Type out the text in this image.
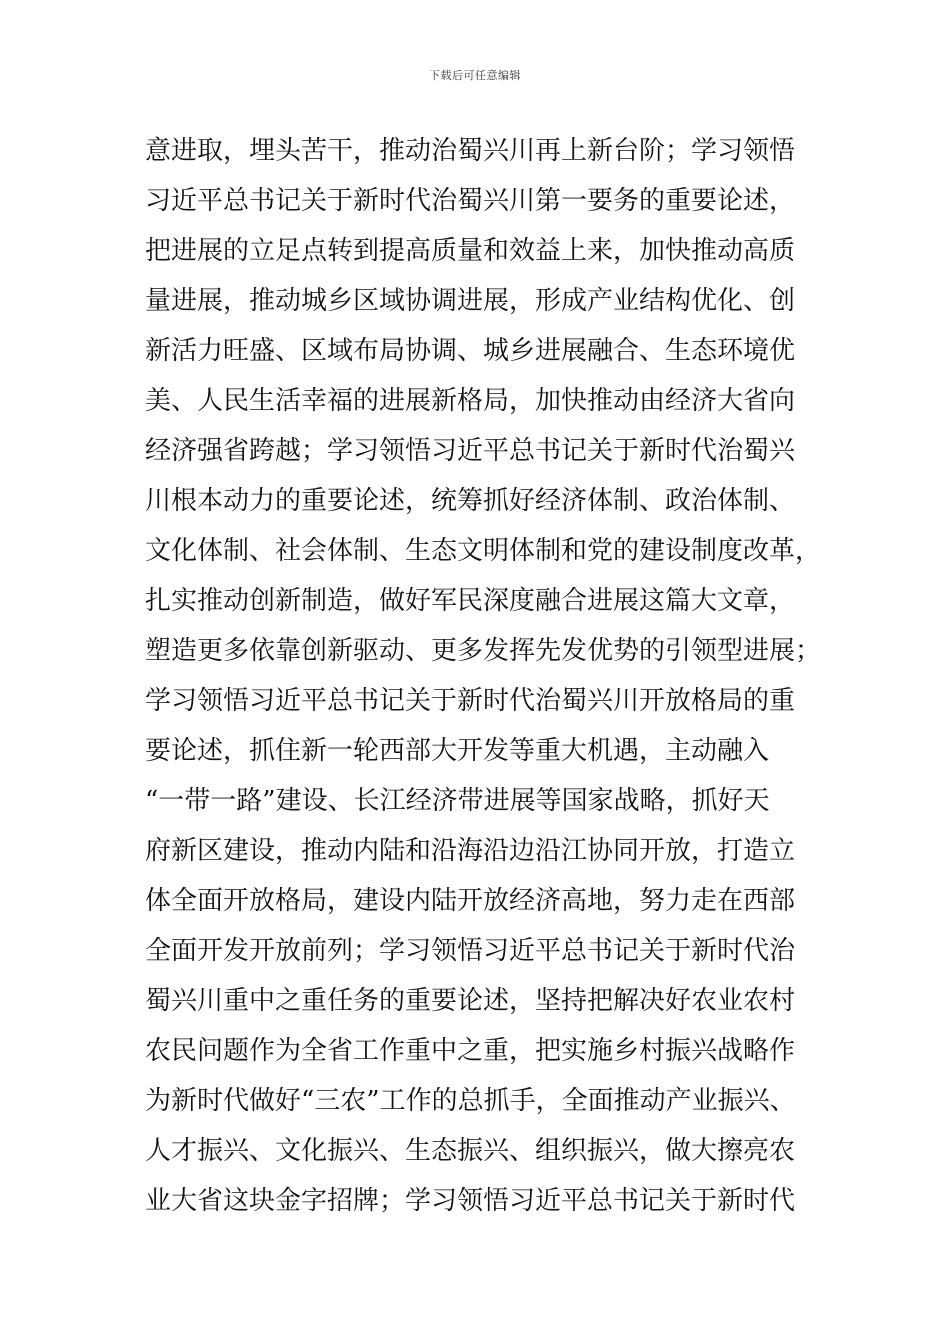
下载后可任意编辑
意进取，埋头苦干，推动治蜀兴川再上新台阶；学习领悟
习近平总书记关于新时代治蜀兴川第一要务的重要论述，
把进展的立足点转到提高质量和效益上来，加快推动高质
量进展，推动城乡区域协调进展，形成产业结构优化、创
新活力旺盛、区域布局协调、城乡进展融合、生态环境优
美、人民生活幸福的进展新格局，加快推动由经济大省向
经济强省跨越；学习领悟习近平总书记关于新时代治蜀兴
川根本动力的重要论述，统筹抓好经济体制、政治体制、
文化体制、社会体制、生态文明体制和党的建设制度改革，
扎实推动创新制造，做好军民深度融合进展这篇大文章，
塑造更多依靠创新驱动、更多发挥先发优势的引领型进展；
学习领悟习近平总书记关于新时代治蜀兴川开放格局的重
要论述，抓住新一轮西部大开发等重大机遇，主动融入
“一带一路”建设、长江经济带进展等国家战略，抓好天
府新区建设，推动内陆和沿海沿边沿江协同开放，打造立
体全面开放格局，建设内陆开放经济高地，努力走在西部
全面开发开放前列；学习领悟习近平总书记关于新时代治
蜀兴川重中之重任务的重要论述，坚持把解决好农业农村
农民问题作为全省工作重中之重，把实施乡村振兴战略作
为新时代做好“三农”工作的总抓手，全面推动产业振兴、
人才振兴、文化振兴、生态振兴、组织振兴，做大擦亮农
业大省这块金字招牌；学习领悟习近平总书记关于新时代
